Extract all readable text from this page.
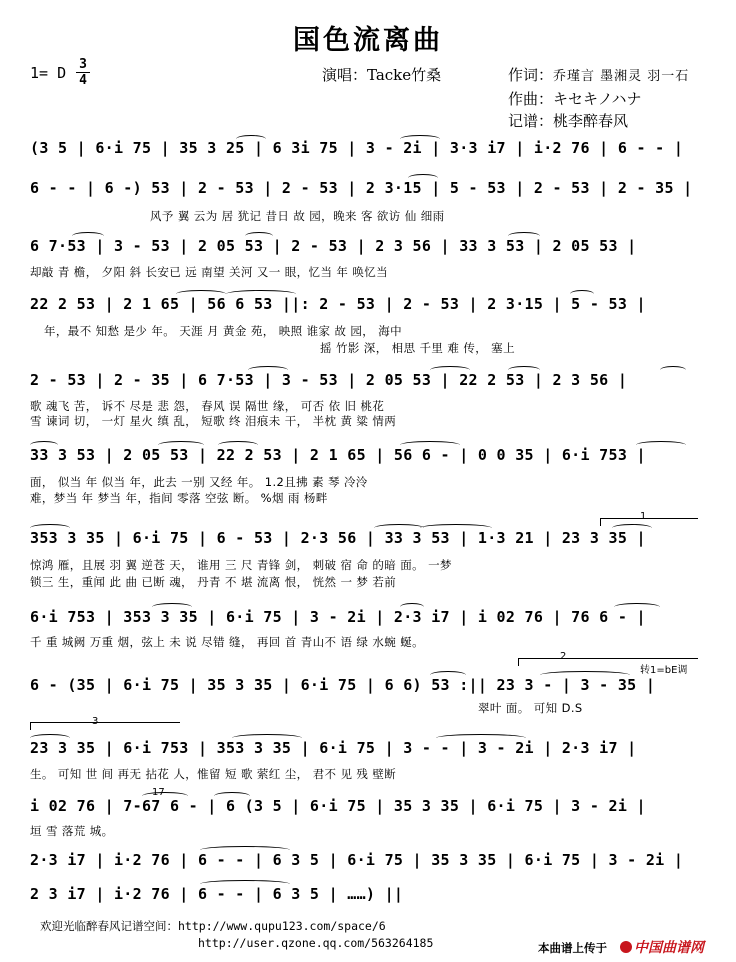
国色流离曲
1= D 3
4	演唱：Tacke竹桑	作词：乔瑾言 墨湘灵 羽一石
作曲：キセキノハナ
记谱：桃李醉春风
(3 5 | 6·i 75 | 35 3 25 | 6 3i 75 | 3 - 2i | 3·3 i7 | i·2 76 | 6 - - |
6 - - | 6 -) 53 | 2 - 53 | 2 - 53 | 2 3·15 | 5 - 53 | 2 - 53 | 2 - 35 |
风予 翼 云为 居 犹记 昔日 故 园，晚来 客 欲访 仙 细雨
6 7·53 | 3 - 53 | 2 05 53 | 2 - 53 | 2 3 56 | 33 3 53 | 2 05 53 |
却敲 青 檐， 夕阳 斜 长安已 远 南望 关河 又一 眼，忆当 年 唤忆当
22 2 53 | 2 1 65 | 56 6 53 ||: 2 - 53 | 2 - 53 | 2 3·15 | 5 - 53 |
年，最不 知愁 是少 年。 天涯 月 黄金 苑， 映照 谁家 故 园， 海中
摇 竹影 深， 相思 千里 难 传， 塞上
2 - 53 | 2 - 35 | 6 7·53 | 3 - 53 | 2 05 53 | 22 2 53 | 2 3 56 |
歌 魂飞 苦， 诉不 尽是 悲 怨， 春风 误 隔世 缘， 可否 依 旧 桃花
雪 谏词 切， 一灯 星火 缜 乱， 短歌 终 泪痕未 干， 半枕 黄 粱 情两
33 3 53 | 2 05 53 | 22 2 53 | 2 1 65 | 56 6 - | 0 0 35 | 6·i 753 |
面， 似当 年 似当 年，此去 一别 又经 年。 1.2且拂 素 琴 冷泠
难，梦当 年 梦当 年，指间 零落 空弦 断。 %烟 雨 杨畔
353 3 35 | 6·i 75 | 6 - 53 | 2·3 56 | 33 3 53 | 1·3 21 | 23 3 35 |
惊鸿 雁，且展 羽 翼 逆苍 天， 谁用 三 尺 青锋 剑， 刺破 宿 命 的暗 面。 一梦
锁三 生，重闻 此 曲 已断 魂， 丹青 不 堪 流离 恨， 恍然 一 梦 若前
1
6·i 753 | 353 3 35 | 6·i 75 | 3 - 2i | 2·3 i7 | i 02 76 | 76 6 - |
千 重 城阙 万重 烟，弦上 未 说 尽错 缝， 再回 首 青山不 语 绿 水蜿 蜒。
6 - (35 | 6·i 75 | 35 3 35 | 6·i 75 | 6 6) 53 :|| 23 3 - | 3 - 35 |
翠叶 面。 可知 D.S
2
转1=bE调
23 3 35 | 6·i 753 | 353 3 35 | 6·i 75 | 3 - - | 3 - 2i | 2·3 i7 |
生。 可知 世 间 再无 拈花 人，惟留 短 歌 萦红 尘， 君不 见 残 壁断
3
i 02 76 | 7-67 6 - | 6 (3 5 | 6·i 75 | 35 3 35 | 6·i 75 | 3 - 2i |
垣 雪 落荒 城。
17
2·3 i7 | i·2 76 | 6 - - | 6 3 5 | 6·i 75 | 35 3 35 | 6·i 75 | 3 - 2i |
2 3 i7 | i·2 76 | 6 - - | 6 3 5 | ……) ||
欢迎光临醉春风记谱空间：http://www.qupu123.com/space/6
http://user.qzone.qq.com/563264185	本曲谱上传于	中国曲谱网
